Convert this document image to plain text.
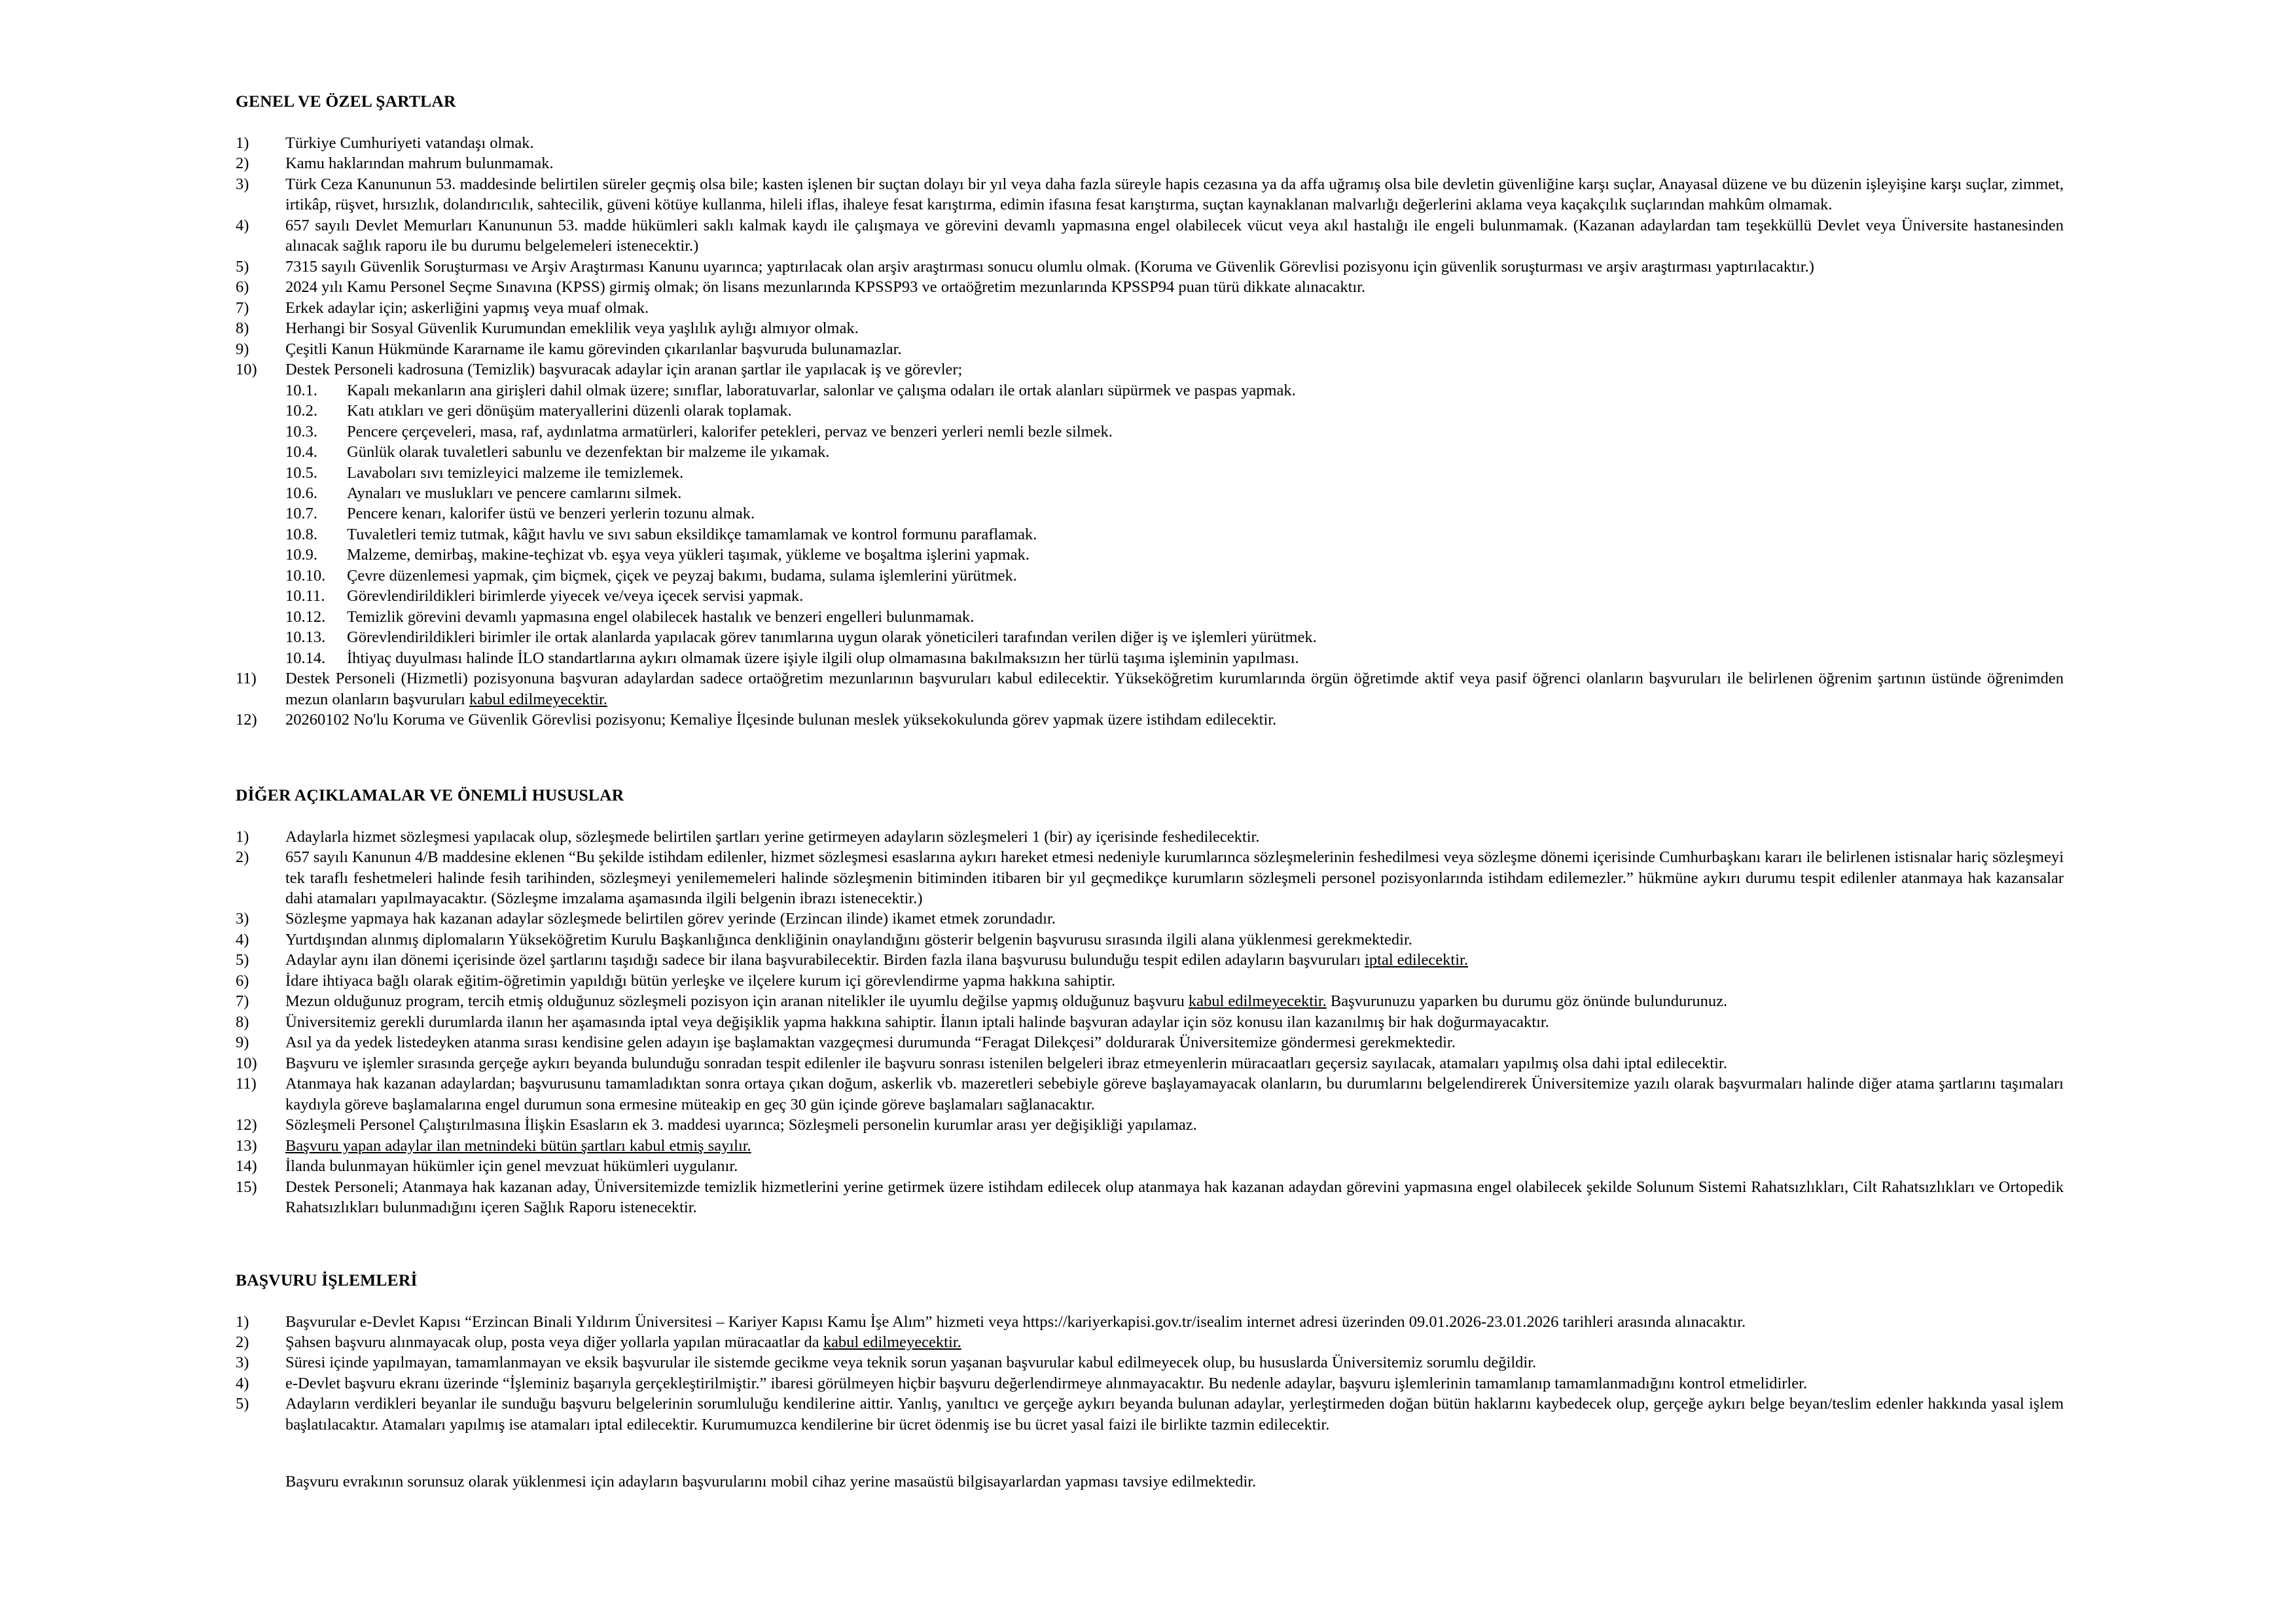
GENEL VE ÖZEL ŞARTLAR
1)	Türkiye Cumhuriyeti vatandaşı olmak.
2)	Kamu haklarından mahrum bulunmamak.
3)	Türk Ceza Kanununun 53. maddesinde belirtilen süreler geçmiş olsa bile; kasten işlenen bir suçtan dolayı bir yıl veya daha fazla süreyle hapis cezasına ya da affa uğramış olsa bile devletin güvenliğine karşı suçlar, Anayasal düzene ve bu düzenin işleyişine karşı suçlar, zimmet, irtikâp, rüşvet, hırsızlık, dolandırıcılık, sahtecilik, güveni kötüye kullanma, hileli iflas, ihaleye fesat karıştırma, edimin ifasına fesat karıştırma, suçtan kaynaklanan malvarlığı değerlerini aklama veya kaçakçılık suçlarından mahkûm olmamak.
4)	657 sayılı Devlet Memurları Kanununun 53. madde hükümleri saklı kalmak kaydı ile çalışmaya ve görevini devamlı yapmasına engel olabilecek vücut veya akıl hastalığı ile engeli bulunmamak. (Kazanan adaylardan tam teşekküllü Devlet veya Üniversite hastanesinden alınacak sağlık raporu ile bu durumu belgelemeleri istenecektir.)
5)	7315 sayılı Güvenlik Soruşturması ve Arşiv Araştırması Kanunu uyarınca; yaptırılacak olan arşiv araştırması sonucu olumlu olmak. (Koruma ve Güvenlik Görevlisi pozisyonu için güvenlik soruşturması ve arşiv araştırması yaptırılacaktır.)
6)	2024 yılı Kamu Personel Seçme Sınavına (KPSS) girmiş olmak; ön lisans mezunlarında KPSSP93 ve ortaöğretim mezunlarında KPSSP94 puan türü dikkate alınacaktır.
7)	Erkek adaylar için; askerliğini yapmış veya muaf olmak.
8)	Herhangi bir Sosyal Güvenlik Kurumundan emeklilik veya yaşlılık aylığı almıyor olmak.
9)	Çeşitli Kanun Hükmünde Kararname ile kamu görevinden çıkarılanlar başvuruda bulunamazlar.
10)	Destek Personeli kadrosuna (Temizlik) başvuracak adaylar için aranan şartlar ile yapılacak iş ve görevler;
10.1.	Kapalı mekanların ana girişleri dahil olmak üzere; sınıflar, laboratuvarlar, salonlar ve çalışma odaları ile ortak alanları süpürmek ve paspas yapmak.
10.2.	Katı atıkları ve geri dönüşüm materyallerini düzenli olarak toplamak.
10.3.	Pencere çerçeveleri, masa, raf, aydınlatma armatürleri, kalorifer petekleri, pervaz ve benzeri yerleri nemli bezle silmek.
10.4.	Günlük olarak tuvaletleri sabunlu ve dezenfektan bir malzeme ile yıkamak.
10.5.	Lavaboları sıvı temizleyici malzeme ile temizlemek.
10.6.	Aynaları ve muslukları ve pencere camlarını silmek.
10.7.	Pencere kenarı, kalorifer üstü ve benzeri yerlerin tozunu almak.
10.8.	Tuvaletleri temiz tutmak, kâğıt havlu ve sıvı sabun eksildikçe tamamlamak ve kontrol formunu paraflamak.
10.9.	Malzeme, demirbaş, makine-teçhizat vb. eşya veya yükleri taşımak, yükleme ve boşaltma işlerini yapmak.
10.10.	Çevre düzenlemesi yapmak, çim biçmek, çiçek ve peyzaj bakımı, budama, sulama işlemlerini yürütmek.
10.11.	Görevlendirildikleri birimlerde yiyecek ve/veya içecek servisi yapmak.
10.12.	Temizlik görevini devamlı yapmasına engel olabilecek hastalık ve benzeri engelleri bulunmamak.
10.13.	Görevlendirildikleri birimler ile ortak alanlarda yapılacak görev tanımlarına uygun olarak yöneticileri tarafından verilen diğer iş ve işlemleri yürütmek.
10.14.	İhtiyaç duyulması halinde İLO standartlarına aykırı olmamak üzere işiyle ilgili olup olmamasına bakılmaksızın her türlü taşıma işleminin yapılması.
11)	Destek Personeli (Hizmetli) pozisyonuna başvuran adaylardan sadece ortaöğretim mezunlarının başvuruları kabul edilecektir. Yükseköğretim kurumlarında örgün öğretimde aktif veya pasif öğrenci olanların başvuruları ile belirlenen öğrenim şartının üstünde öğrenimden mezun olanların başvuruları kabul edilmeyecektir.
12)	20260102 No'lu Koruma ve Güvenlik Görevlisi pozisyonu; Kemaliye İlçesinde bulunan meslek yüksekokulunda görev yapmak üzere istihdam edilecektir.
DİĞER AÇIKLAMALAR VE ÖNEMLİ HUSUSLAR
1)	Adaylarla hizmet sözleşmesi yapılacak olup, sözleşmede belirtilen şartları yerine getirmeyen adayların sözleşmeleri 1 (bir) ay içerisinde feshedilecektir.
2)	657 sayılı Kanunun 4/B maddesine eklenen “Bu şekilde istihdam edilenler, hizmet sözleşmesi esaslarına aykırı hareket etmesi nedeniyle kurumlarınca sözleşmelerinin feshedilmesi veya sözleşme dönemi içerisinde Cumhurbaşkanı kararı ile belirlenen istisnalar hariç sözleşmeyi tek taraflı feshetmeleri halinde fesih tarihinden, sözleşmeyi yenilememeleri halinde sözleşmenin bitiminden itibaren bir yıl geçmedikçe kurumların sözleşmeli personel pozisyonlarında istihdam edilemezler.” hükmüne aykırı durumu tespit edilenler atanmaya hak kazansalar dahi atamaları yapılmayacaktır. (Sözleşme imzalama aşamasında ilgili belgenin ibrazı istenecektir.)
3)	Sözleşme yapmaya hak kazanan adaylar sözleşmede belirtilen görev yerinde (Erzincan ilinde) ikamet etmek zorundadır.
4)	Yurtdışından alınmış diplomaların Yükseköğretim Kurulu Başkanlığınca denkliğinin onaylandığını gösterir belgenin başvurusu sırasında ilgili alana yüklenmesi gerekmektedir.
5)	Adaylar aynı ilan dönemi içerisinde özel şartlarını taşıdığı sadece bir ilana başvurabilecektir. Birden fazla ilana başvurusu bulunduğu tespit edilen adayların başvuruları iptal edilecektir.
6)	İdare ihtiyaca bağlı olarak eğitim-öğretimin yapıldığı bütün yerleşke ve ilçelere kurum içi görevlendirme yapma hakkına sahiptir.
7)	Mezun olduğunuz program, tercih etmiş olduğunuz sözleşmeli pozisyon için aranan nitelikler ile uyumlu değilse yapmış olduğunuz başvuru kabul edilmeyecektir. Başvurunuzu yaparken bu durumu göz önünde bulundurunuz.
8)	Üniversitemiz gerekli durumlarda ilanın her aşamasında iptal veya değişiklik yapma hakkına sahiptir. İlanın iptali halinde başvuran adaylar için söz konusu ilan kazanılmış bir hak doğurmayacaktır.
9)	Asıl ya da yedek listedeyken atanma sırası kendisine gelen adayın işe başlamaktan vazgeçmesi durumunda “Feragat Dilekçesi” doldurarak Üniversitemize göndermesi gerekmektedir.
10)	Başvuru ve işlemler sırasında gerçeğe aykırı beyanda bulunduğu sonradan tespit edilenler ile başvuru sonrası istenilen belgeleri ibraz etmeyenlerin müracaatları geçersiz sayılacak, atamaları yapılmış olsa dahi iptal edilecektir.
11)	Atanmaya hak kazanan adaylardan; başvurusunu tamamladıktan sonra ortaya çıkan doğum, askerlik vb. mazeretleri sebebiyle göreve başlayamayacak olanların, bu durumlarını belgelendirerek Üniversitemize yazılı olarak başvurmaları halinde diğer atama şartlarını taşımaları kaydıyla göreve başlamalarına engel durumun sona ermesine müteakip en geç 30 gün içinde göreve başlamaları sağlanacaktır.
12)	Sözleşmeli Personel Çalıştırılmasına İlişkin Esasların ek 3. maddesi uyarınca; Sözleşmeli personelin kurumlar arası yer değişikliği yapılamaz.
13)	Başvuru yapan adaylar ilan metnindeki bütün şartları kabul etmiş sayılır.
14)	İlanda bulunmayan hükümler için genel mevzuat hükümleri uygulanır.
15)	Destek Personeli; Atanmaya hak kazanan aday, Üniversitemizde temizlik hizmetlerini yerine getirmek üzere istihdam edilecek olup atanmaya hak kazanan adaydan görevini yapmasına engel olabilecek şekilde Solunum Sistemi Rahatsızlıkları, Cilt Rahatsızlıkları ve Ortopedik Rahatsızlıkları bulunmadığını içeren Sağlık Raporu istenecektir.
BAŞVURU İŞLEMLERİ
1)	Başvurular e-Devlet Kapısı “Erzincan Binali Yıldırım Üniversitesi – Kariyer Kapısı Kamu İşe Alım” hizmeti veya https://kariyerkapisi.gov.tr/isealim internet adresi üzerinden 09.01.2026-23.01.2026 tarihleri arasında alınacaktır.
2)	Şahsen başvuru alınmayacak olup, posta veya diğer yollarla yapılan müracaatlar da kabul edilmeyecektir.
3)	Süresi içinde yapılmayan, tamamlanmayan ve eksik başvurular ile sistemde gecikme veya teknik sorun yaşanan başvurular kabul edilmeyecek olup, bu hususlarda Üniversitemiz sorumlu değildir.
4)	e-Devlet başvuru ekranı üzerinde “İşleminiz başarıyla gerçekleştirilmiştir.” ibaresi görülmeyen hiçbir başvuru değerlendirmeye alınmayacaktır. Bu nedenle adaylar, başvuru işlemlerinin tamamlanıp tamamlanmadığını kontrol etmelidirler.
5)	Adayların verdikleri beyanlar ile sunduğu başvuru belgelerinin sorumluluğu kendilerine aittir. Yanlış, yanıltıcı ve gerçeğe aykırı beyanda bulunan adaylar, yerleştirmeden doğan bütün haklarını kaybedecek olup, gerçeğe aykırı belge beyan/teslim edenler hakkında yasal işlem başlatılacaktır. Atamaları yapılmış ise atamaları iptal edilecektir. Kurumumuzca kendilerine bir ücret ödenmiş ise bu ücret yasal faizi ile birlikte tazmin edilecektir.
Başvuru evrakının sorunsuz olarak yüklenmesi için adayların başvurularını mobil cihaz yerine masaüstü bilgisayarlardan yapması tavsiye edilmektedir.
